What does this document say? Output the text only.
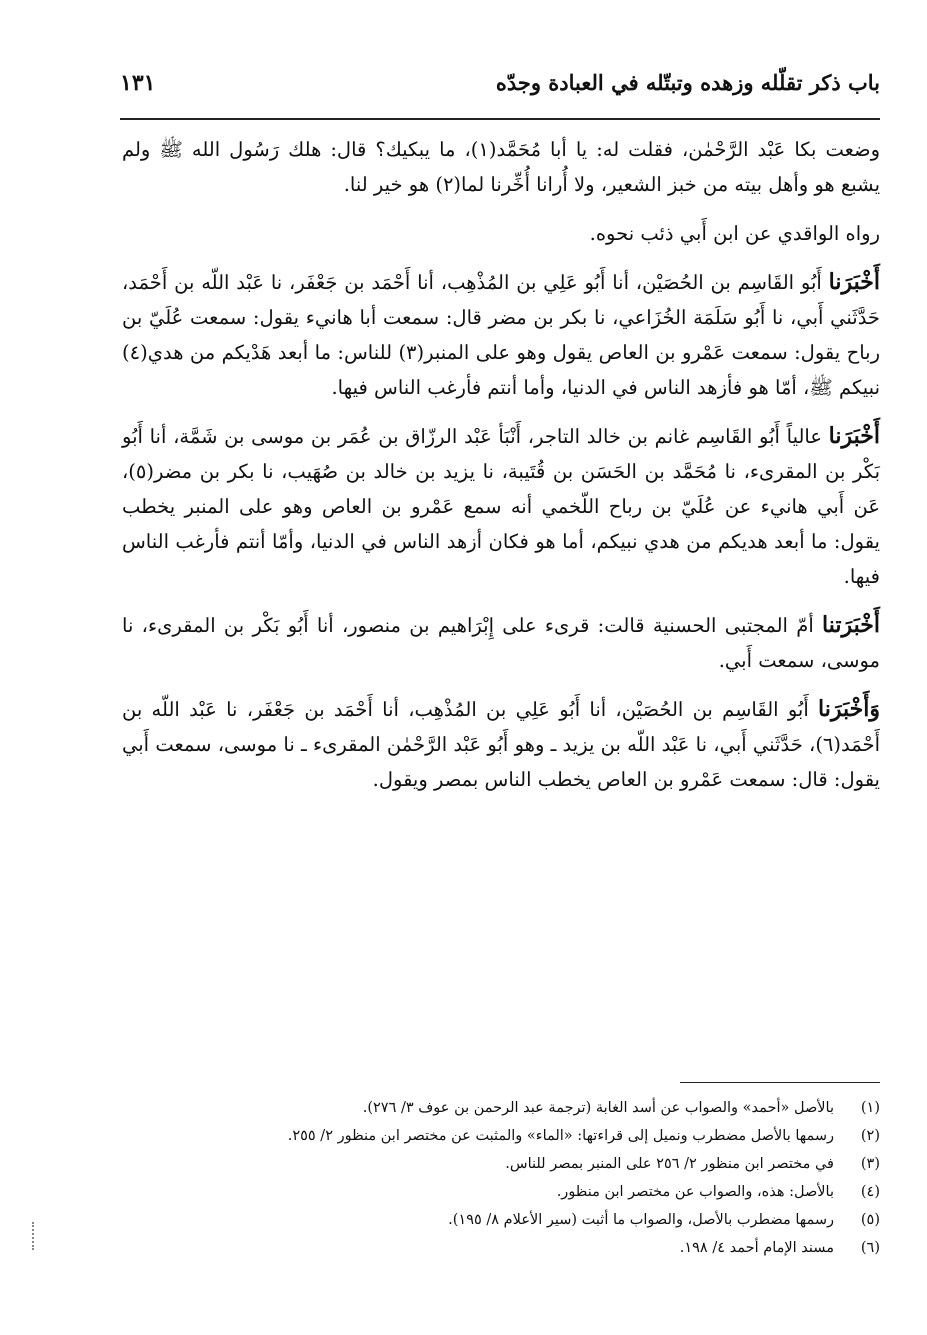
باب ذكر تقلّله وزهده وتبتّله في العبادة وجدّه
١٣١

وضعت بكا عَبْد الرَّحْمٰن، فقلت له: يا أبا مُحَمَّد(١)، ما يبكيك؟ قال: هلك رَسُول الله ﷺ ولم يشبع هو وأهل بيته من خبز الشعير، ولا أُرانا أُخِّرنا لما(٢) هو خير لنا.

رواه الواقدي عن ابن أَبي ذئب نحوه.

أَخْبَرَنا أَبُو القَاسِم بن الحُصَيْن، أنا أَبُو عَلِي بن المُذْهِب، أنا أَحْمَد بن جَعْفَر، نا عَبْد اللّه بن أَحْمَد، حَدَّثَني أَبي، نا أَبُو سَلَمَة الخُزَاعي، نا بكر بن مضر قال: سمعت أبا هانيء يقول: سمعت عُلَيّ بن رباح يقول: سمعت عَمْرو بن العاص يقول وهو على المنبر(٣) للناس: ما أبعد هَدْيكم من هدي(٤) نبيكم ﷺ، أمّا هو فأزهد الناس في الدنيا، وأما أنتم فأرغب الناس فيها.

أَخْبَرَنا عالياً أَبُو القَاسِم غانم بن خالد التاجر، أَنْبَأ عَبْد الرزّاق بن عُمَر بن موسى بن شَمَّة، أنا أَبُو بَكْر بن المقرىء، نا مُحَمَّد بن الحَسَن بن قُتَيبة، نا يزيد بن خالد بن صُهَيب، نا بكر بن مضر(٥)، عَن أَبي هانيء عن عُلَيّ بن رباح اللّخمي أنه سمع عَمْرو بن العاص وهو على المنبر يخطب يقول: ما أبعد هديكم من هدي نبيكم، أما هو فكان أزهد الناس في الدنيا، وأمّا أنتم فأرغب الناس فيها.

أَخْبَرَتنا أمّ المجتبى الحسنية قالت: قرىء على إِبْرَاهيم بن منصور، أنا أَبُو بَكْر بن المقرىء، نا موسى، سمعت أَبي.

وَأَخْبَرَنا أَبُو القَاسِم بن الحُصَيْن، أنا أَبُو عَلِي بن المُذْهِب، أنا أَحْمَد بن جَعْفَر، نا عَبْد اللّه بن أَحْمَد(٦)، حَدَّثَني أَبي، نا عَبْد اللّه بن يزيد ـ وهو أَبُو عَبْد الرَّحْمٰن المقرىء ـ نا موسى، سمعت أَبي يقول: قال: سمعت عَمْرو بن العاص يخطب الناس بمصر ويقول.

(١)
بالأصل «أحمد» والصواب عن أسد الغابة (ترجمة عبد الرحمن بن عوف ٣/ ٢٧٦).
(٢)
رسمها بالأصل مضطرب ونميل إلى قراءتها: «الماء» والمثبت عن مختصر ابن منظور ٢/ ٢٥٥.
(٣)
في مختصر ابن منظور ٢/ ٢٥٦ على المنبر بمصر للناس.
(٤)
بالأصل: هذه، والصواب عن مختصر ابن منظور.
(٥)
رسمها مضطرب بالأصل، والصواب ما أثبت (سير الأعلام ٨/ ١٩٥).
(٦)
مسند الإمام أحمد ٤/ ١٩٨.
